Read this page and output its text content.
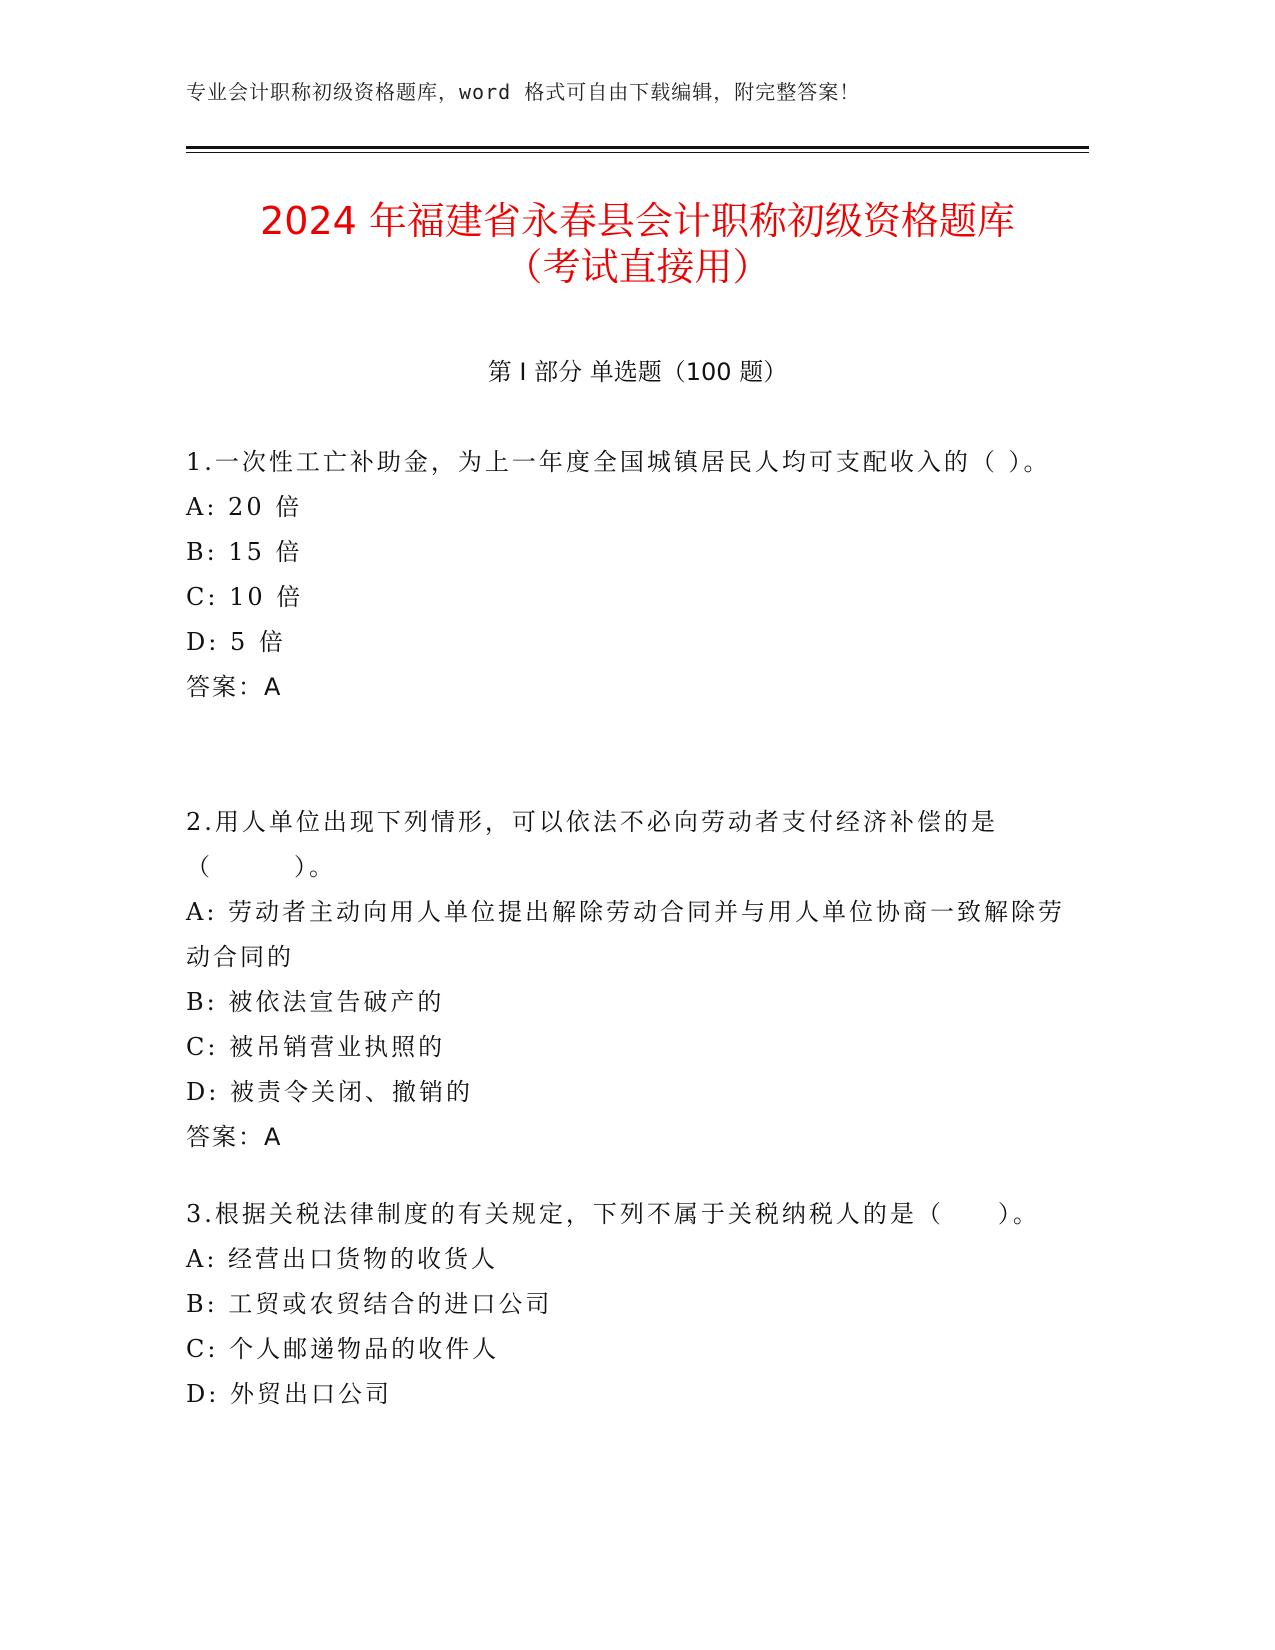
专业会计职称初级资格题库，word 格式可自由下载编辑，附完整答案！
2024 年福建省永春县会计职称初级资格题库
（考试直接用）
第 I 部分 单选题（100 题）
1.一次性工亡补助金，为上一年度全国城镇居民人均可支配收入的（ ）。
A: 20 倍
B: 15 倍
C: 10 倍
D: 5 倍
答案：A
2.用人单位出现下列情形，可以依法不必向劳动者支付经济补偿的是（　　　）。
A: 劳动者主动向用人单位提出解除劳动合同并与用人单位协商一致解除劳动合同的
B: 被依法宣告破产的
C: 被吊销营业执照的
D: 被责令关闭、撤销的
答案：A
3.根据关税法律制度的有关规定，下列不属于关税纳税人的是（　　）。
A: 经营出口货物的收货人
B: 工贸或农贸结合的进口公司
C: 个人邮递物品的收件人
D: 外贸出口公司
